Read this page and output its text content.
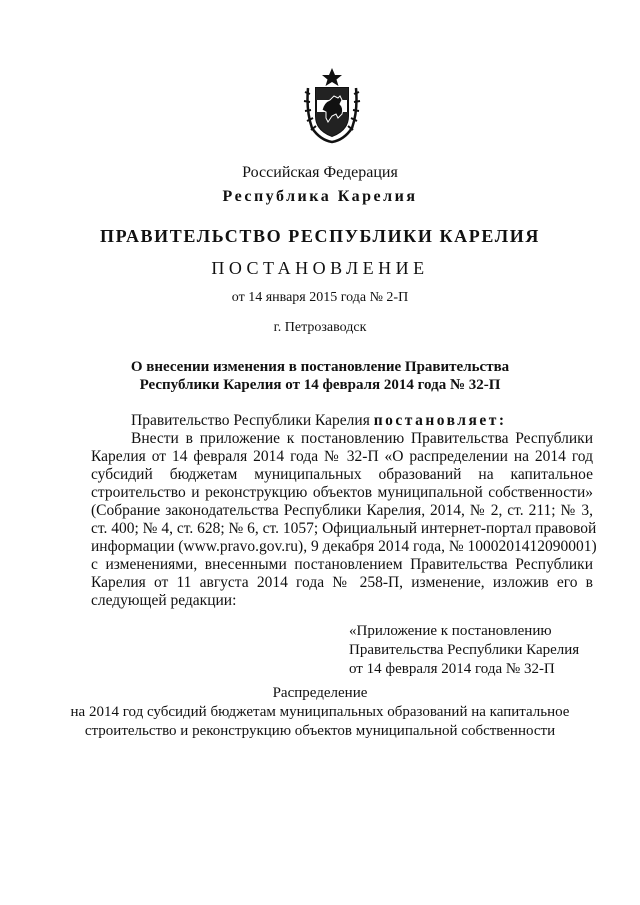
Российская Федерация
Республика Карелия
ПРАВИТЕЛЬСТВО РЕСПУБЛИКИ КАРЕЛИЯ
ПОСТАНОВЛЕНИЕ
от 14 января 2015 года № 2-П
г. Петрозаводск
О внесении изменения в постановление Правительства
Республики Карелия от 14 февраля 2014 года № 32-П
Правительство Республики Карелия постановляет:
Внести в приложение к постановлению Правительства Республики
Карелия от 14 февраля 2014 года № 32-П «О распределении на 2014 год
субсидий бюджетам муниципальных образований на капитальное
строительство и реконструкцию объектов муниципальной собственности»
(Собрание законодательства Республики Карелия, 2014, № 2, ст. 211; № 3,
ст. 400; № 4, ст. 628; № 6, ст. 1057; Официальный интернет-портал правовой
информации (www.pravo.gov.ru), 9 декабря 2014 года, № 1000201412090001)
с изменениями, внесенными постановлением Правительства Республики
Карелия от 11 августа 2014 года № 258-П, изменение, изложив его в
следующей редакции:
«Приложение к постановлению
Правительства Республики Карелия
от 14 февраля 2014 года № 32-П
Распределение
на 2014 год субсидий бюджетам муниципальных образований на капитальное
строительство и реконструкцию объектов муниципальной собственности
